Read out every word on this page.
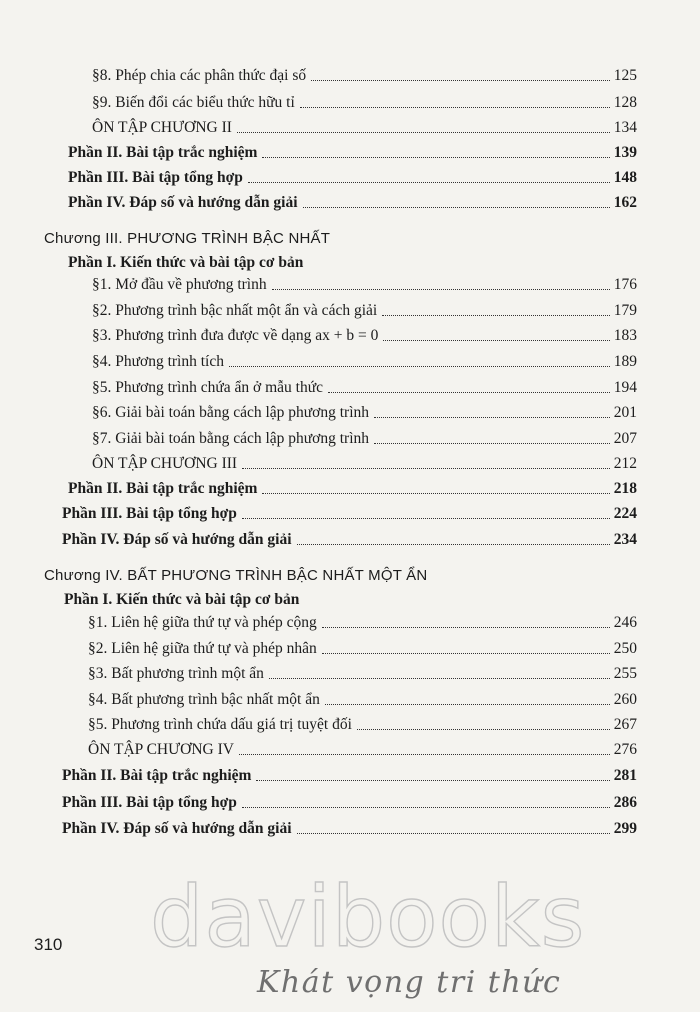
§8. Phép chia các phân thức đại số	125
§9. Biến đổi các biểu thức hữu tỉ	128
ÔN TẬP CHƯƠNG II	134
Phần II. Bài tập trắc nghiệm	139
Phần III. Bài tập tổng hợp	148
Phần IV. Đáp số và hướng dẫn giải	162
Chương III. PHƯƠNG TRÌNH BẬC NHẤT
Phần I. Kiến thức và bài tập cơ bản
§1. Mở đầu về phương trình	176
§2. Phương trình bậc nhất một ẩn và cách giải	179
§3. Phương trình đưa được về dạng ax + b = 0	183
§4. Phương trình tích	189
§5. Phương trình chứa ẩn ở mẫu thức	194
§6. Giải bài toán bằng cách lập phương trình	201
§7. Giải bài toán bằng cách lập phương trình	207
ÔN TẬP CHƯƠNG III	212
Phần II. Bài tập trắc nghiệm	218
Phần III. Bài tập tổng hợp	224
Phần IV. Đáp số và hướng dẫn giải	234
Chương IV. BẤT PHƯƠNG TRÌNH BẬC NHẤT MỘT ẨN
Phần I. Kiến thức và bài tập cơ bản
§1. Liên hệ giữa thứ tự và phép cộng	246
§2. Liên hệ giữa thứ tự và phép nhân	250
§3. Bất phương trình một ẩn	255
§4. Bất phương trình bậc nhất một ẩn	260
§5. Phương trình chứa dấu giá trị tuyệt đối	267
ÔN TẬP CHƯƠNG IV	276
Phần II. Bài tập trắc nghiệm	281
Phần III. Bài tập tổng hợp	286
Phần IV. Đáp số và hướng dẫn giải	299
310 davibooks
Khát vọng tri thức
